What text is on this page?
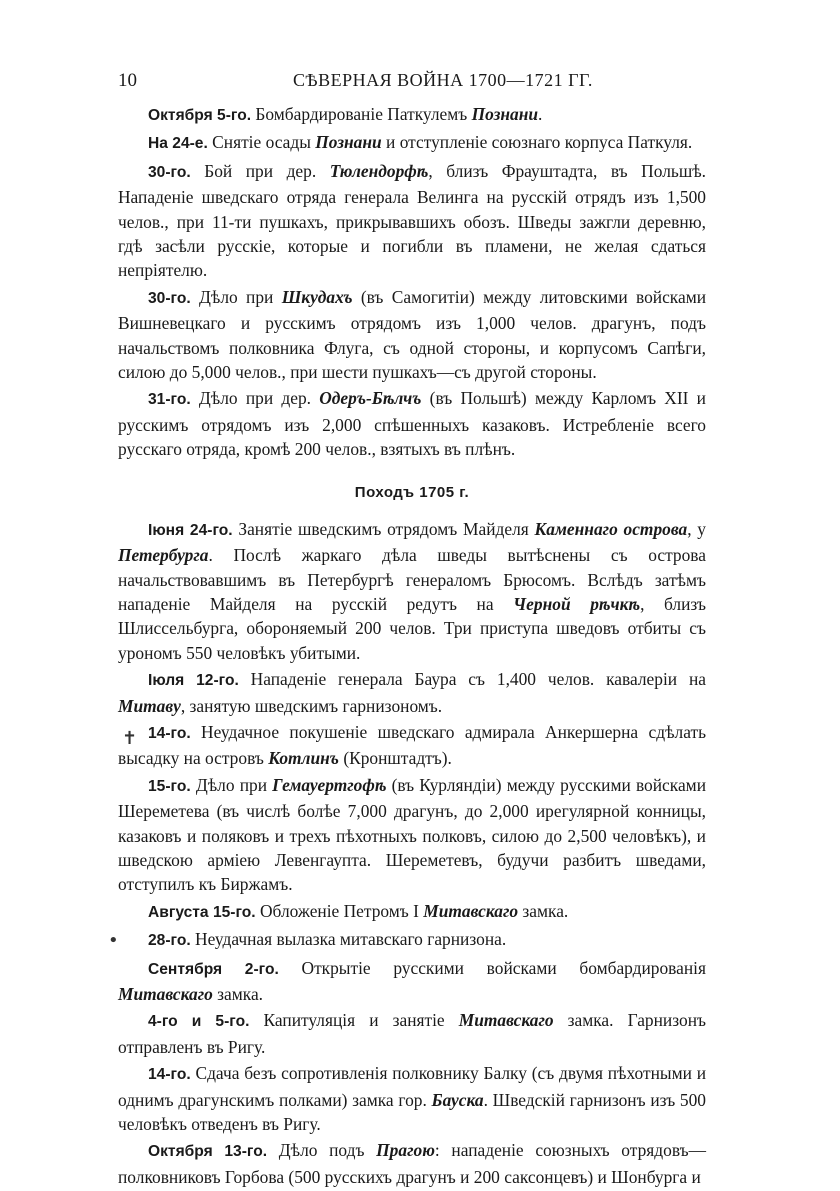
10	СѢВЕРНАЯ ВОЙНА 1700—1721 ГГ.

Октября 5-го. Бомбардированіе Паткулемъ Познани.

На 24-е. Снятіе осады Познани и отступленіе союзнаго корпуса Паткуля.

30-го. Бой при дер. Тюлендорфѣ, близъ Фрауштадта, въ Польшѣ. Нападеніе шведскаго отряда генерала Велинга на русскій отрядъ изъ 1,500 челов., при 11-ти пушкахъ, прикрывавшихъ обозъ. Шведы зажгли деревню, гдѣ засѣли русскіе, которые и погибли въ пламени, не желая сдаться непріятелю.

30-го. Дѣло при Шкудахъ (въ Самогитіи) между литовскими войсками Вишневецкаго и русскимъ отрядомъ изъ 1,000 челов. драгунъ, подъ начальствомъ полковника Флуга, съ одной стороны, и корпусомъ Сапѣги, силою до 5,000 челов., при шести пушкахъ—съ другой стороны.

31-го. Дѣло при дер. Одеръ-Бѣлчъ (въ Польшѣ) между Карломъ XII и русскимъ отрядомъ изъ 2,000 спѣшенныхъ казаковъ. Истребленіе всего русскаго отряда, кромѣ 200 челов., взятыхъ въ плѣнъ.

Походъ 1705 г.

Іюня 24-го. Занятіе шведскимъ отрядомъ Майделя Каменнаго острова, у Петербурга. Послѣ жаркаго дѣла шведы вытѣснены съ острова начальствовавшимъ въ Петербургѣ генераломъ Брюсомъ. Вслѣдъ затѣмъ нападеніе Майделя на русскій редутъ на Черной рѣчкѣ, близъ Шлиссельбурга, обороняемый 200 челов. Три приступа шведовъ отбиты съ урономъ 550 человѣкъ убитыми.

Іюля 12-го. Нападеніе генерала Баура съ 1,400 челов. кавалеріи на Митаву, занятую шведскимъ гарнизономъ.

14-го. Неудачное покушеніе шведскаго адмирала Анкершерна сдѣлать высадку на островъ Котлинъ (Кронштадтъ).

15-го. Дѣло при Гемауертгофѣ (въ Курляндіи) между русскими войсками Шереметева (въ числѣ болѣе 7,000 драгунъ, до 2,000 ирегулярной конницы, казаковъ и поляковъ и трехъ пѣхотныхъ полковъ, силою до 2,500 человѣкъ), и шведскою арміею Левенгаупта. Шереметевъ, будучи разбитъ шведами, отступилъ къ Биржамъ.

Августа 15-го. Обложеніе Петромъ I Митавскаго замка.

28-го. Неудачная вылазка митавскаго гарнизона.

Сентября 2-го. Открытіе русскими войсками бомбардированія Митавскаго замка.

4-го и 5-го. Капитуляція и занятіе Митавскаго замка. Гарнизонъ отправленъ въ Ригу.

14-го. Сдача безъ сопротивленія полковнику Балку (съ двумя пѣхотными и однимъ драгунскимъ полками) замка гор. Бауска. Шведскій гарнизонъ изъ 500 человѣкъ отведенъ въ Ригу.

Октября 13-го. Дѣло подъ Прагою: нападеніе союзныхъ отрядовъ—полковниковъ Горбова (500 русскихъ драгунъ и 200 саксонцевъ) и Шонбурга и

✝
•
